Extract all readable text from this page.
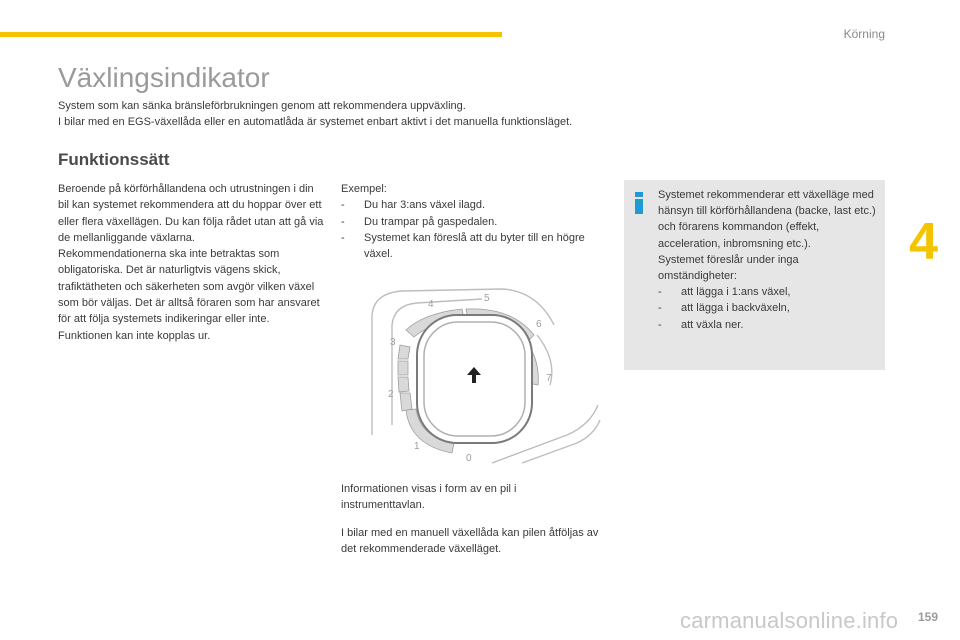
Körning
Växlingsindikator

System som kan sänka bränsleförbrukningen genom att rekommendera uppväxling.

I bilar med en EGS-växellåda eller en automatlåda är systemet enbart aktivt i det manuella funktionsläget.

Funktionssätt

Beroende på körförhållandena och utrustningen i din bil kan systemet rekommendera att du hoppar över ett eller flera växellägen. Du kan följa rådet utan att gå via de mellanliggande växlarna.

Rekommendationerna ska inte betraktas som obligatoriska. Det är naturligtvis vägens skick, trafiktätheten och säkerheten som avgör vilken växel som bör väljas. Det är alltså föraren som har ansvaret för att följa systemets indikeringar eller inte.

Funktionen kan inte kopplas ur.

Exempel:

-	Du har 3:ans växel ilagd.
-	Du trampar på gaspedalen.
-	Systemet kan föreslå att du byter till en högre växel.
0
1
2
3
4
5
6
7

Informationen visas i form av en pil i instrumenttavlan.

I bilar med en manuell växellåda kan pilen åtföljas av det rekommenderade växelläget.

Systemet rekommenderar ett växelläge med hänsyn till körförhållandena (backe, last etc.) och förarens kommandon (effekt, acceleration, inbromsning etc.).

Systemet föreslår under inga omständigheter:

-	att lägga i 1:ans växel,
-	att lägga i backväxeln,
-	att växla ner.
4
carmanualsonline.info 159
